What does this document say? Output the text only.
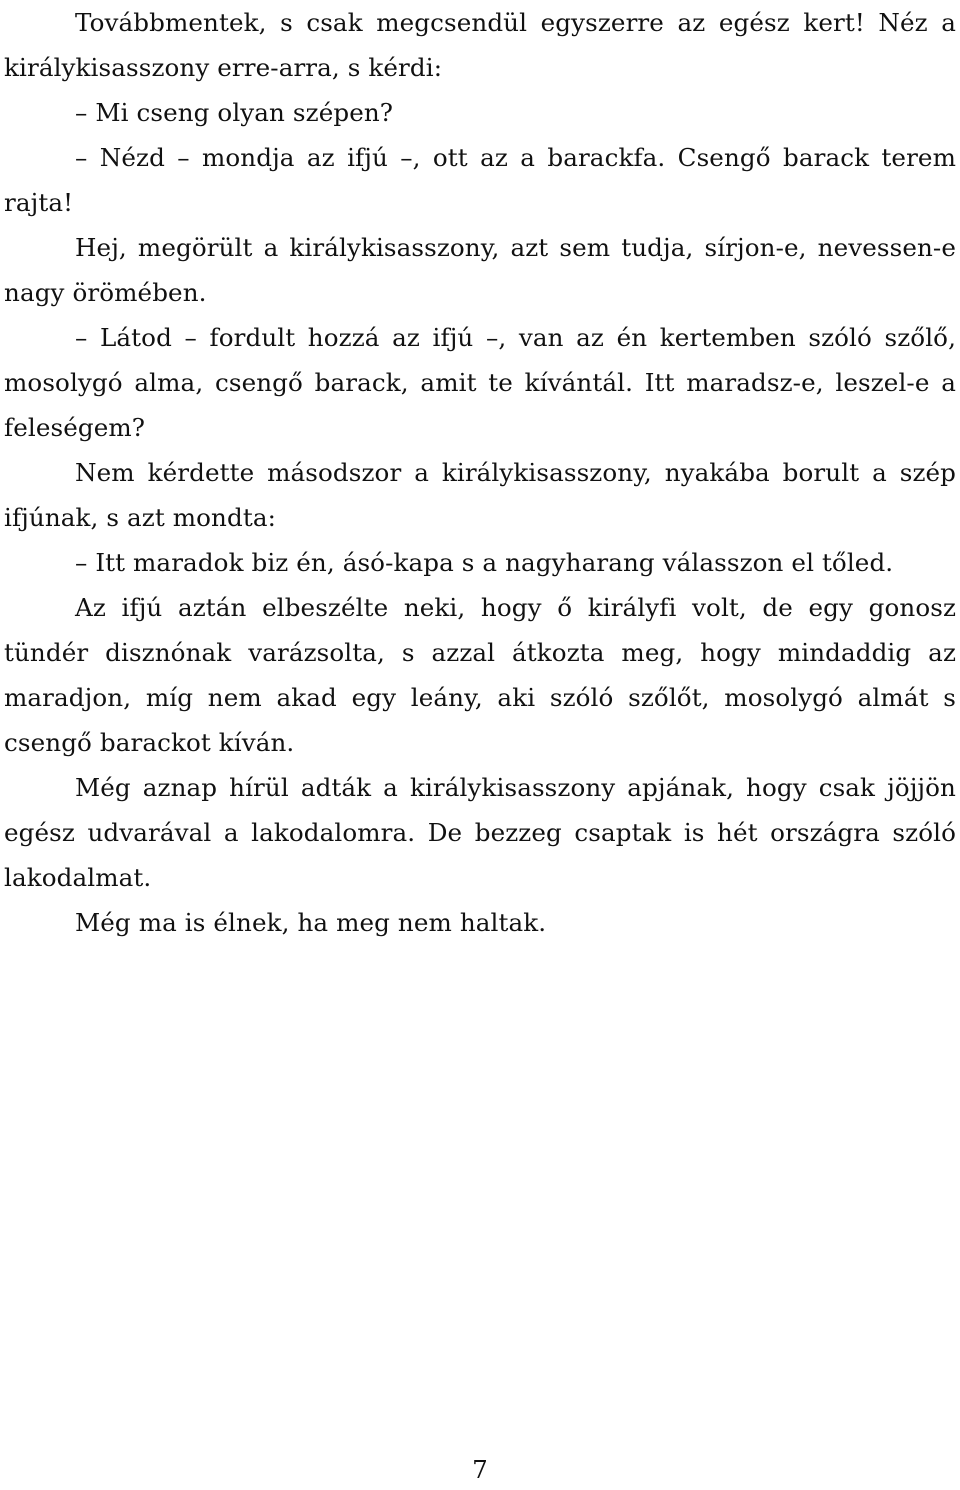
Továbbmentek, s csak megcsendül egyszerre az egész kert! Néz a királykisasszony erre-arra, s kérdi:

– Mi cseng olyan szépen?

– Nézd – mondja az ifjú –, ott az a barackfa. Csengő barack terem rajta!

Hej, megörült a királykisasszony, azt sem tudja, sírjon-e, nevessen-e nagy örömében.

– Látod – fordult hozzá az ifjú –, van az én kertemben szóló szőlő, mosolygó alma, csengő barack, amit te kívántál. Itt maradsz-e, leszel-e a feleségem?

Nem kérdette másodszor a királykisasszony, nyakába borult a szép ifjúnak, s azt mondta:

– Itt maradok biz én, ásó-kapa s a nagyharang válasszon el tőled.

Az ifjú aztán elbeszélte neki, hogy ő királyfi volt, de egy gonosz tündér disznónak varázsolta, s azzal átkozta meg, hogy mindaddig az maradjon, míg nem akad egy leány, aki szóló szőlőt, mosolygó almát s csengő barackot kíván.

Még aznap hírül adták a királykisasszony apjának, hogy csak jöjjön egész udvarával a lakodalomra. De bezzeg csaptak is hét országra szóló lakodalmat.

Még ma is élnek, ha meg nem haltak.

7
